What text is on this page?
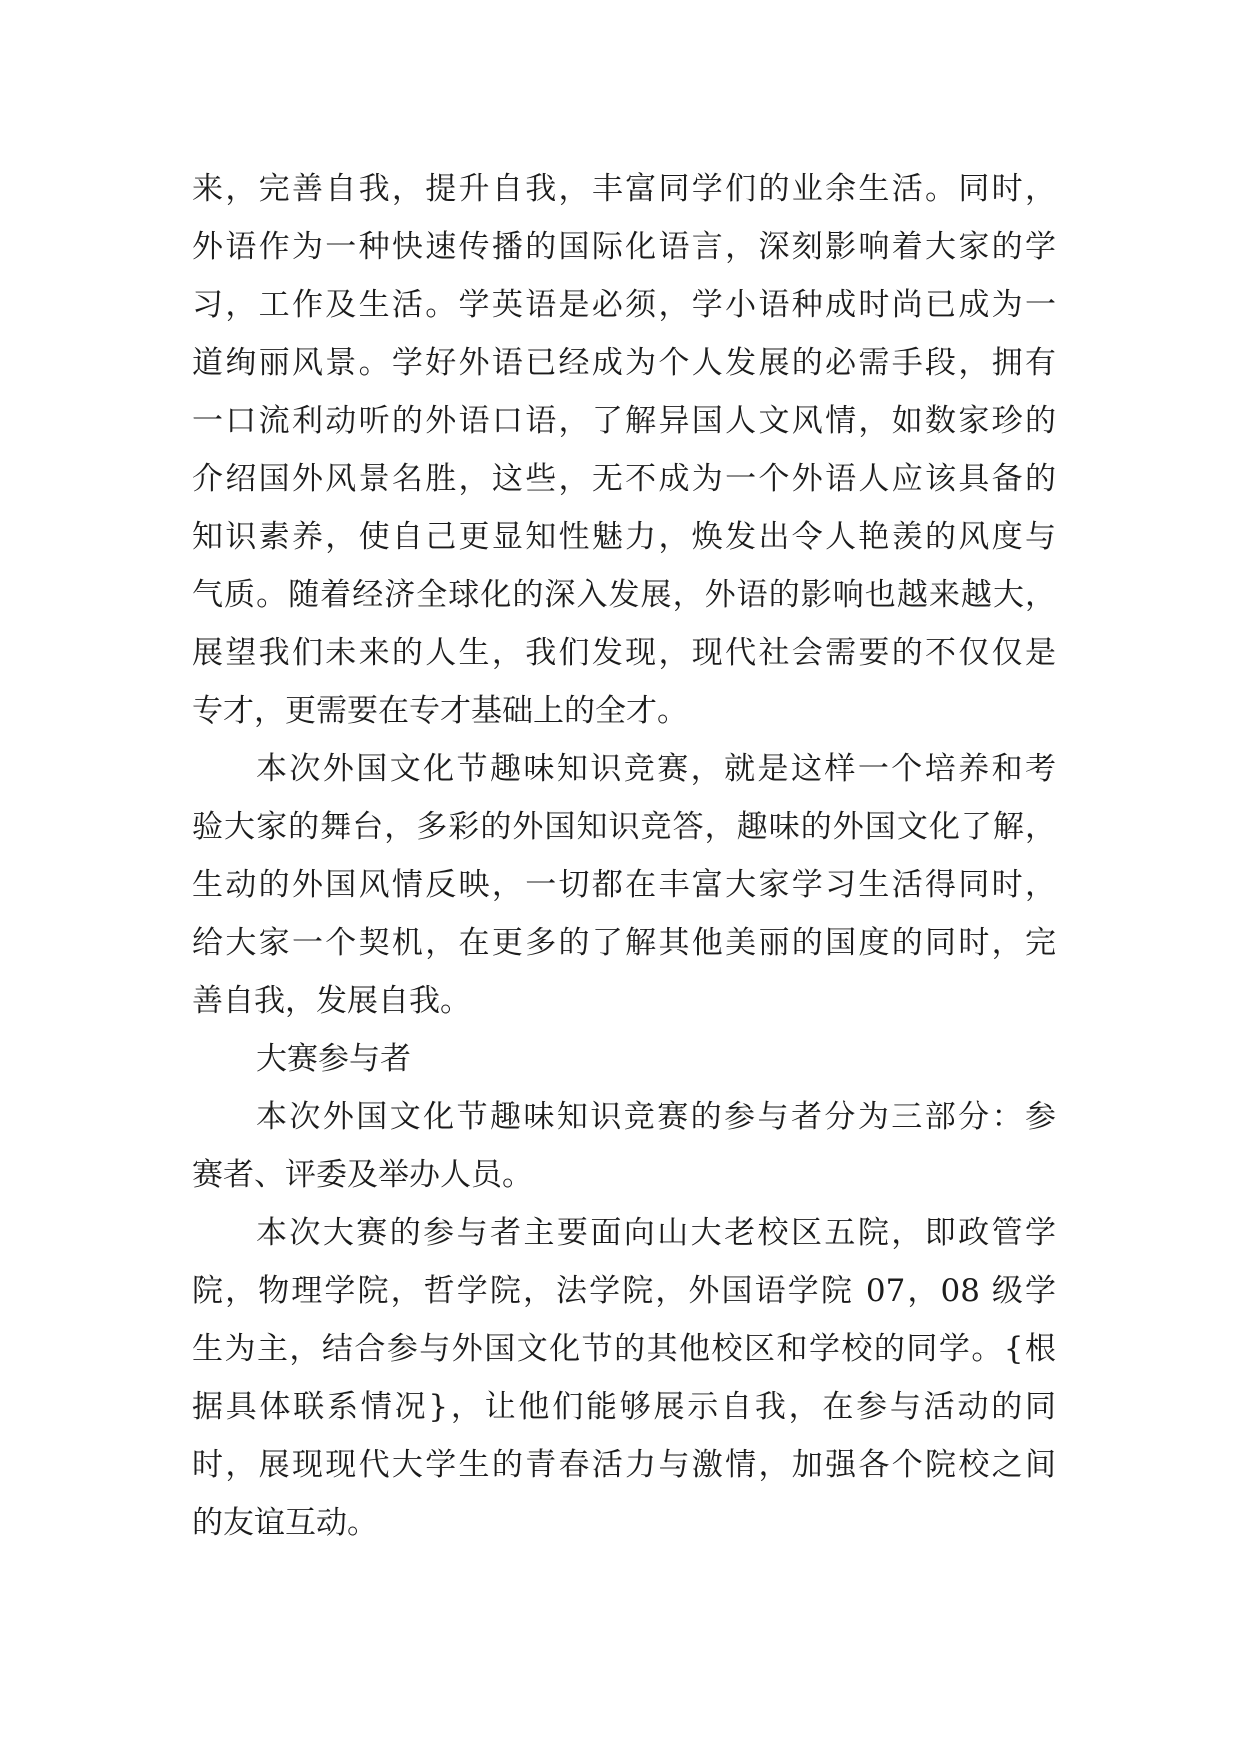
来，完善自我，提升自我，丰富同学们的业余生活。同时，
外语作为一种快速传播的国际化语言，深刻影响着大家的学
习，工作及生活。学英语是必须，学小语种成时尚已成为一
道绚丽风景。学好外语已经成为个人发展的必需手段，拥有
一口流利动听的外语口语，了解异国人文风情，如数家珍的
介绍国外风景名胜，这些，无不成为一个外语人应该具备的
知识素养，使自己更显知性魅力，焕发出令人艳羡的风度与
气质。随着经济全球化的深入发展，外语的影响也越来越大，
展望我们未来的人生，我们发现，现代社会需要的不仅仅是
专才，更需要在专才基础上的全才。
本次外国文化节趣味知识竞赛，就是这样一个培养和考
验大家的舞台，多彩的外国知识竞答，趣味的外国文化了解，
生动的外国风情反映，一切都在丰富大家学习生活得同时，
给大家一个契机，在更多的了解其他美丽的国度的同时，完
善自我，发展自我。
大赛参与者
本次外国文化节趣味知识竞赛的参与者分为三部分：参
赛者、评委及举办人员。
本次大赛的参与者主要面向山大老校区五院，即政管学
院，物理学院，哲学院，法学院，外国语学院 07，08 级学
生为主，结合参与外国文化节的其他校区和学校的同学。{根
据具体联系情况}，让他们能够展示自我，在参与活动的同
时，展现现代大学生的青春活力与激情，加强各个院校之间
的友谊互动。
